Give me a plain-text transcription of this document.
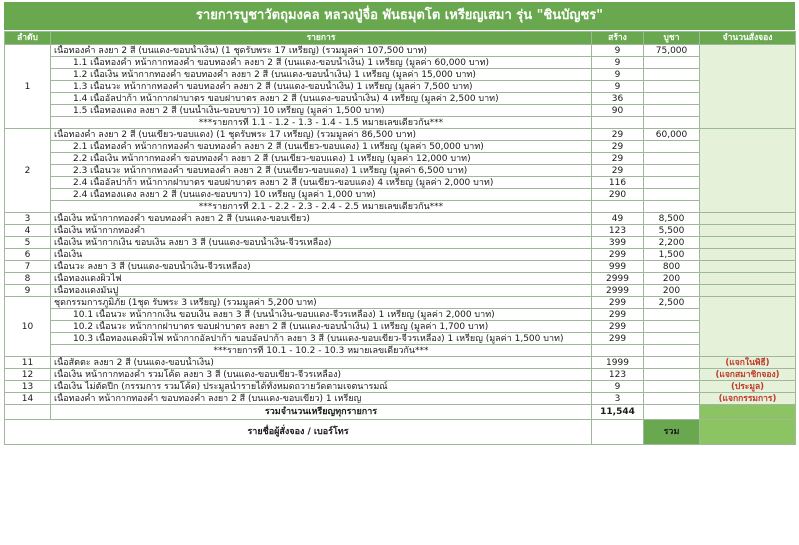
รายการบูชาวัตถุมงคล หลวงปู่จื่อ พันธมุตโต เหรียญเสมา รุ่น "ชินบัญชร"
ลำดับ	รายการ	สร้าง	บูชา	จำนวนสั่งจอง
1	เนื้อทองคำ ลงยา 2 สี (บนแดง-ขอบน้ำเงิน) (1 ชุดรับพระ 17 เหรียญ) (รวมมูลค่า 107,500 บาท)	9	75,000	
	1.1 เนื้อทองคำ หน้ากากทองคำ ขอบทองคำ ลงยา 2 สี (บนแดง-ขอบน้ำเงิน) 1 เหรียญ (มูลค่า 60,000 บาท)	9		
	1.2 เนื้อเงิน หน้ากากทองคำ ขอบทองคำ ลงยา 2 สี (บนแดง-ขอบน้ำเงิน) 1 เหรียญ (มูลค่า 15,000 บาท)	9		
	1.3 เนื้อนวะ หน้ากากทองคำ ขอบทองคำ ลงยา 2 สี (บนแดง-ขอบน้ำเงิน) 1 เหรียญ (มูลค่า 7,500 บาท)	9		
	1.4 เนื้ออัลปาก้า หน้ากากฝาบาตร ขอบฝาบาตร ลงยา 2 สี (บนแดง-ขอบน้ำเงิน) 4 เหรียญ (มูลค่า 2,500 บาท)	36		
	1.5 เนื้อทองแดง ลงยา 2 สี (บนน้ำเงิน-ขอบขาว) 10 เหรียญ (มูลค่า 1,500 บาท)	90		
	***รายการที่ 1.1 - 1.2 - 1.3 - 1.4 - 1.5 หมายเลขเดียวกัน***			
2	เนื้อทองคำ ลงยา 2 สี (บนเขียว-ขอบแดง) (1 ชุดรับพระ 17 เหรียญ) (รวมมูลค่า 86,500 บาท)	29	60,000	
	2.1 เนื้อทองคำ หน้ากากทองคำ ขอบทองคำ ลงยา 2 สี (บนเขียว-ขอบแดง) 1 เหรียญ (มูลค่า 50,000 บาท)	29		
	2.2 เนื้อเงิน หน้ากากทองคำ ขอบทองคำ ลงยา 2 สี (บนเขียว-ขอบแดง) 1 เหรียญ (มูลค่า 12,000 บาท)	29		
	2.3 เนื้อนวะ หน้ากากทองคำ ขอบทองคำ ลงยา 2 สี (บนเขียว-ขอบแดง) 1 เหรียญ (มูลค่า 6,500 บาท)	29		
	2.4 เนื้ออัลปาก้า หน้ากากฝาบาตร ขอบฝาบาตร ลงยา 2 สี (บนเขียว-ขอบแดง) 4 เหรียญ (มูลค่า 2,000 บาท)	116		
	2.4 เนื้อทองแดง ลงยา 2 สี (บนแดง-ขอบขาว) 10 เหรียญ (มูลค่า 1,000 บาท)	290		
	***รายการที่ 2.1 - 2.2 - 2.3 - 2.4 - 2.5 หมายเลขเดียวกัน***			
3	เนื้อเงิน หน้ากากทองคำ ขอบทองคำ ลงยา 2 สี (บนแดง-ขอบเขียว)	49	8,500	
4	เนื้อเงิน หน้ากากทองคำ	123	5,500	
5	เนื้อเงิน หน้ากากเงิน ขอบเงิน ลงยา 3 สี (บนแดง-ขอบน้ำเงิน-จีวรเหลือง)	399	2,200	
6	เนื้อเงิน	299	1,500	
7	เนื้อนวะ ลงยา 3 สี (บนแดง-ขอบน้ำเงิน-จีวรเหลือง)	999	800	
8	เนื้อทองแดงผิวไฟ	2999	200	
9	เนื้อทองแดงมันปู	2999	200	
10	ชุดกรรมการภูมิภัย (1ชุด รับพระ 3 เหรียญ) (รวมมูลค่า 5,200 บาท)	299	2,500	
	10.1 เนื้อนวะ หน้ากากเงิน ขอบเงิน ลงยา 3 สี (บนน้ำเงิน-ขอบแดง-จีวรเหลือง) 1 เหรียญ (มูลค่า 2,000 บาท)	299		
	10.2 เนื้อนวะ หน้ากากฝาบาตร ขอบฝาบาตร ลงยา 2 สี (บนแดง-ขอบน้ำเงิน) 1 เหรียญ (มูลค่า 1,700 บาท)	299		
	10.3 เนื้อทองแดงผิวไฟ หน้ากากอัลปาก้า ขอบอัลปาก้า ลงยา 3 สี (บนแดง-ขอบเขียว-จีวรเหลือง) 1 เหรียญ (มูลค่า 1,500 บาท)	299		
	***รายการที่ 10.1 - 10.2 - 10.3 หมายเลขเดียวกัน***			
11	เนื้อสัตตะ ลงยา 2 สี (บนแดง-ขอบน้ำเงิน)	1999		(แจกในพิธี)
12	เนื้อเงิน หน้ากากทองคำ รวมโค้ด ลงยา 3 สี (บนแดง-ขอบเขียว-จีวรเหลือง)	123		(แจกสมาชิกจอง)
13	เนื้อเงิน ไม่ตัดปีก (กรรมการ รวมโค้ด) ประมูลนำรายได้ทั้งหมดถวายวัดตามเจตนารมณ์	9		(ประมูล)
14	เนื้อทองคำ หน้ากากทองคำ ขอบทองคำ ลงยา 2 สี (บนแดง-ขอบเขียว) 1 เหรียญ	3		(แจกกรรมการ)
	รวมจำนวนเหรียญทุกรายการ	11,544		
รายชื่อผู้สั่งจอง / เบอร์โทร			รวม	
